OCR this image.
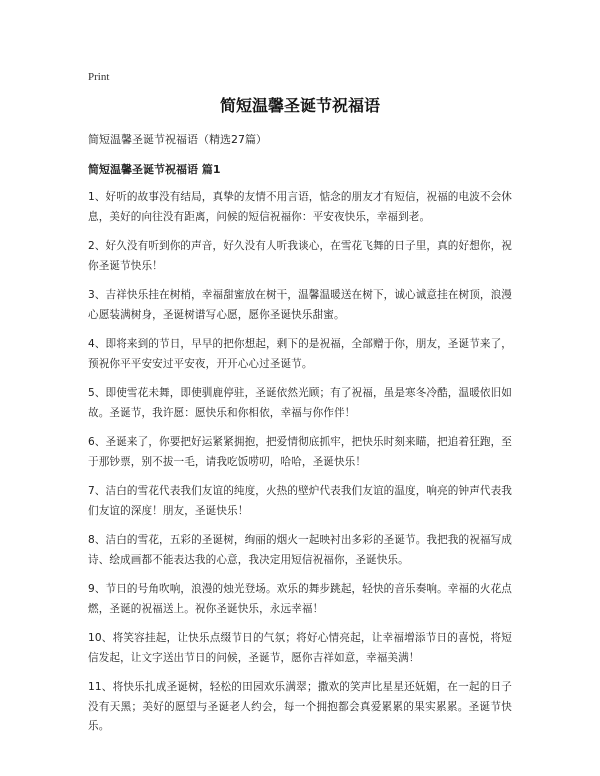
Print
简短温馨圣诞节祝福语
简短温馨圣诞节祝福语（精选27篇）
简短温馨圣诞节祝福语 篇1

1、好听的故事没有结局，真挚的友情不用言语，惦念的朋友才有短信，祝福的电波不会休息，美好的向往没有距离，问候的短信祝福你：平安夜快乐，幸福到老。

2、好久没有听到你的声音，好久没有人听我谈心，在雪花飞舞的日子里，真的好想你，祝你圣诞节快乐！

3、吉祥快乐挂在树梢，幸福甜蜜放在树干，温馨温暖送在树下，诚心诚意挂在树顶，浪漫心愿装满树身，圣诞树谱写心愿，愿你圣诞快乐甜蜜。

4、即将来到的节日，早早的把你想起，剩下的是祝福，全部赠于你，朋友，圣诞节来了，预祝你平平安安过平安夜，开开心心过圣诞节。

5、即使雪花未舞，即使驯鹿停驻，圣诞依然光顾；有了祝福，虽是寒冬冷酷，温暖依旧如故。圣诞节，我许愿：愿快乐和你相依，幸福与你作伴！

6、圣诞来了，你要把好运紧紧拥抱，把爱情彻底抓牢，把快乐时刻来瞄，把追着狂跑，至于那钞票，别不拔一毛，请我吃饭唠叨，哈哈，圣诞快乐！

7、洁白的雪花代表我们友谊的纯度，火热的壁炉代表我们友谊的温度，响亮的钟声代表我们友谊的深度！朋友，圣诞快乐！

8、洁白的雪花，五彩的圣诞树，绚丽的烟火一起映衬出多彩的圣诞节。我把我的祝福写成诗、绘成画都不能表达我的心意，我决定用短信祝福你，圣诞快乐。

9、节日的号角吹响，浪漫的烛光登场。欢乐的舞步跳起，轻快的音乐奏响。幸福的火花点燃，圣诞的祝福送上。祝你圣诞快乐，永远幸福！

10、将笑容挂起，让快乐点缀节日的气氛；将好心情亮起，让幸福增添节日的喜悦，将短信发起，让文字送出节日的问候，圣诞节，愿你吉祥如意，幸福美满！

11、将快乐扎成圣诞树，轻松的田园欢乐满翠；撒欢的笑声比星星还妩媚，在一起的日子没有天黑；美好的愿望与圣诞老人约会，每一个拥抱都会真爱累累的果实累累。圣诞节快乐。
